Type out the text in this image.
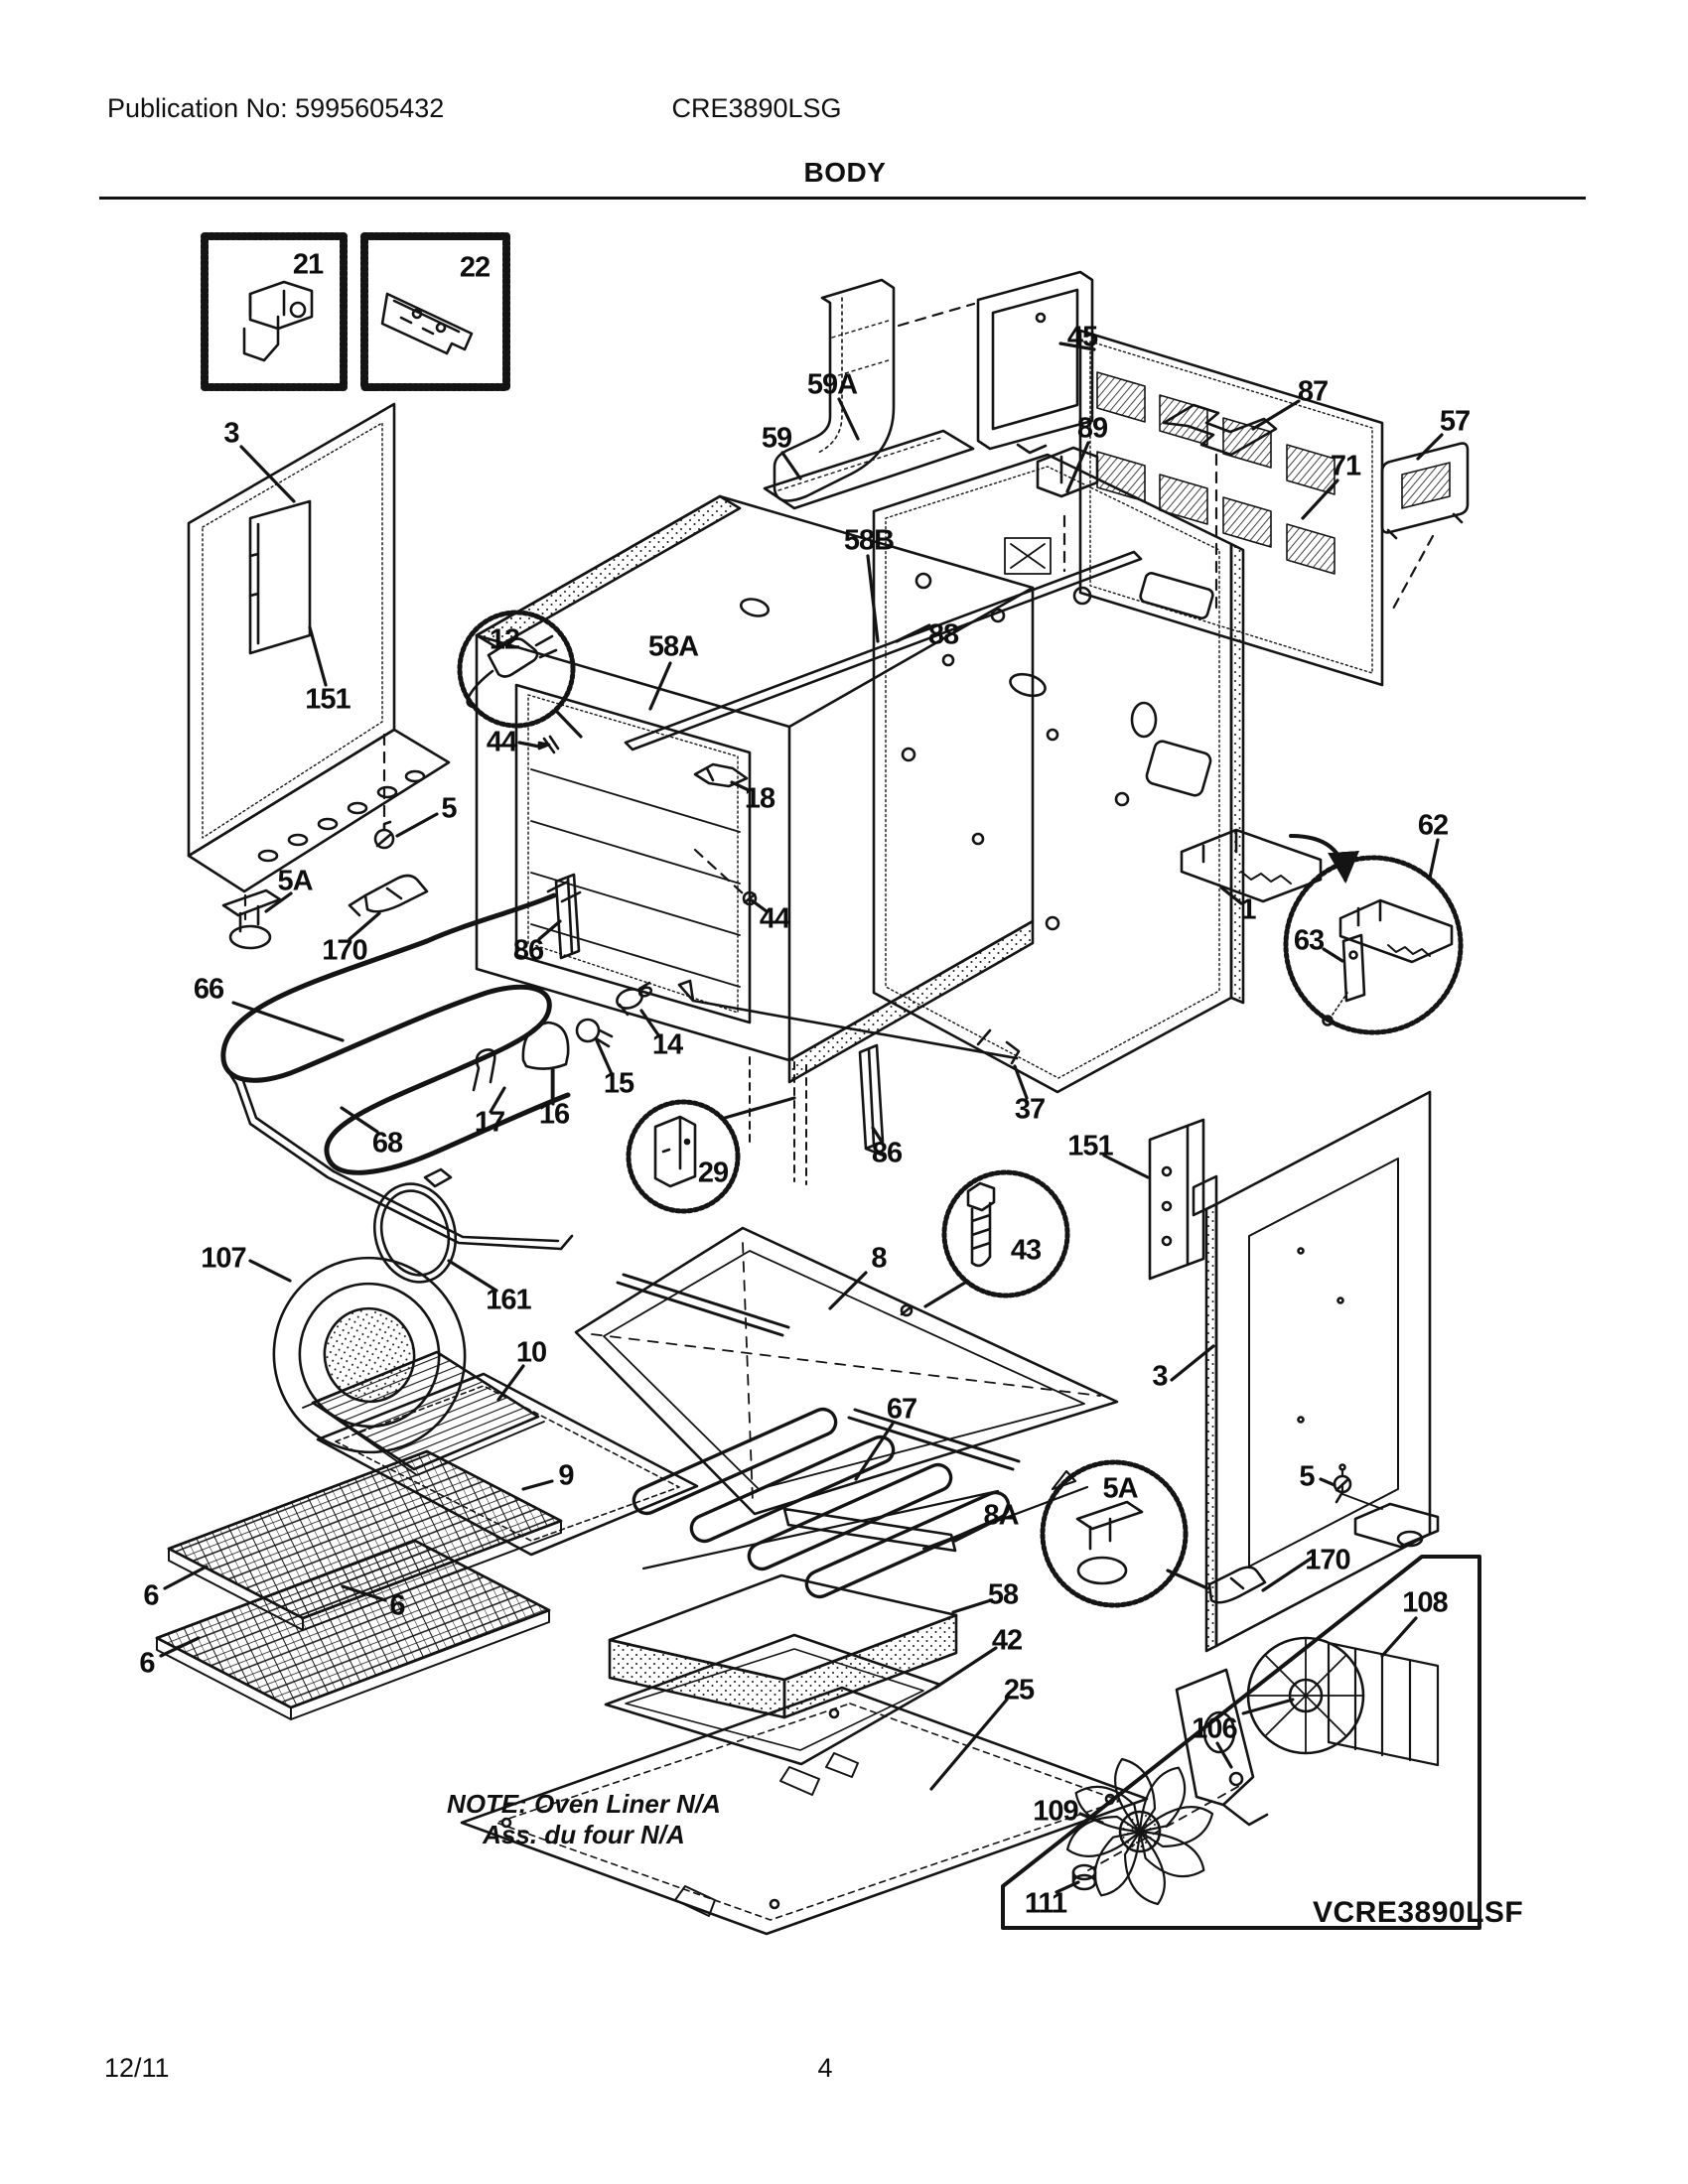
Publication No: 5995605432	CRE3890LSG
BODY
21	22
3
151
59A
59
45
89
87
71
57
58B
88
58A
12
44
18
5
5A
170	86
66
44
62
63
1
14
15
16
17	37
68	86
29
151
107	43
8
161
10
3
67
9	5A	5
8A
170
58	108
42
25
6	6
6
106
109
111
NOTE: Oven Liner N/A
Ass. du four N/A
VCRE3890LSF
12/11	4
